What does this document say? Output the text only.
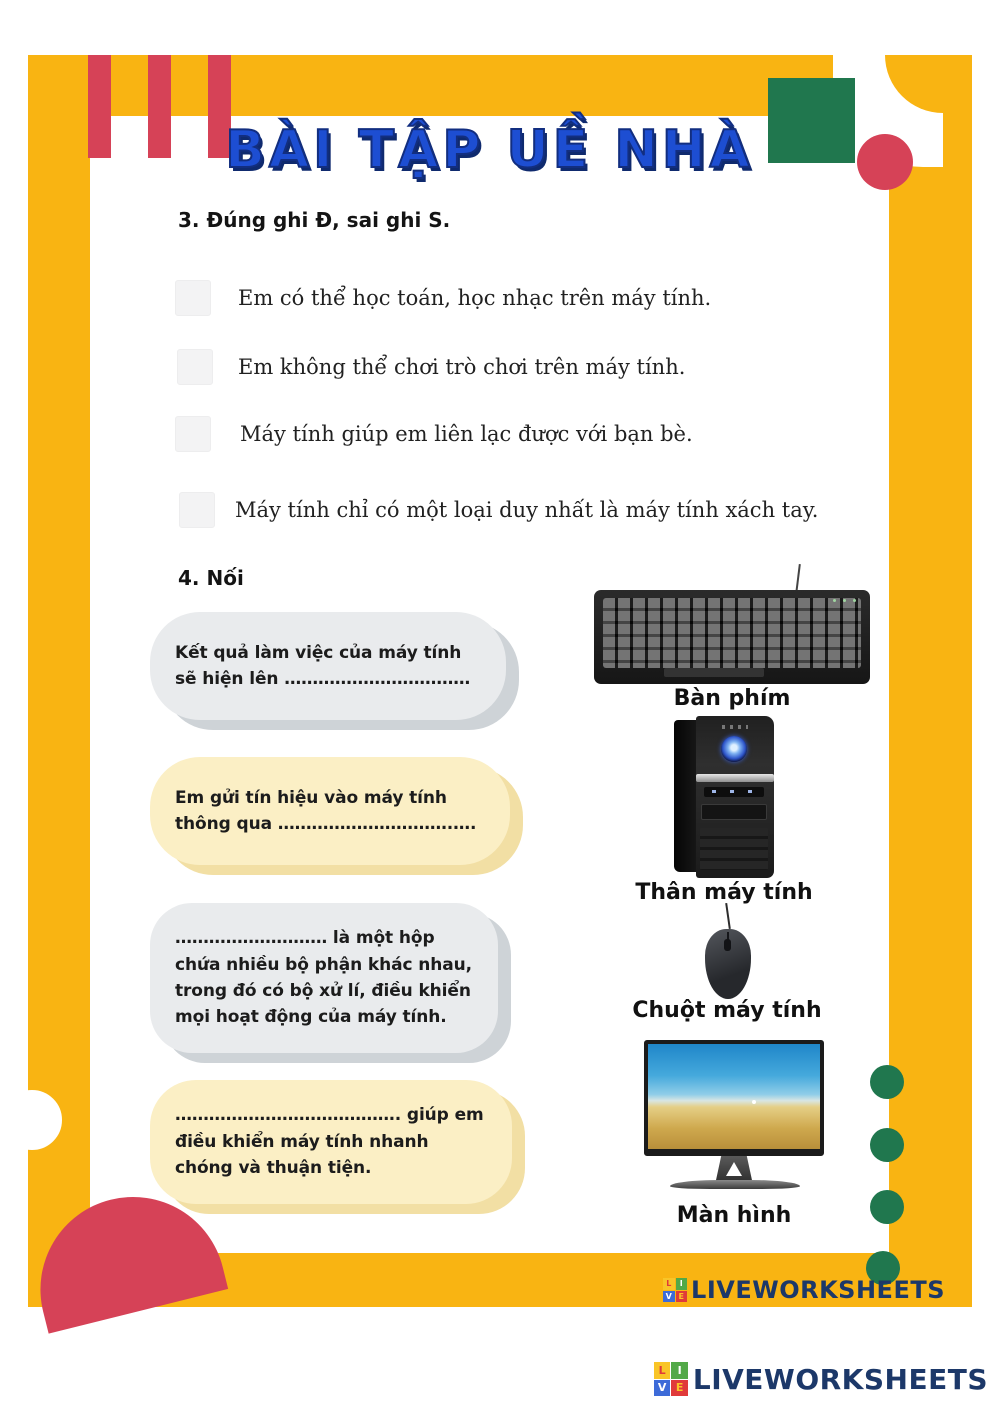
BÀI TẬP UỀ NHÀ
3. Đúng ghi Đ, sai ghi S.
Em có thể học toán, học nhạc trên máy tính.
Em không thể chơi trò chơi trên máy tính.
Máy tính giúp em liên lạc được với bạn bè.
Máy tính chỉ có một loại duy nhất là máy tính xách tay.
4. Nối
Kết quả làm việc của máy tính sẽ hiện lên ……………………………
Em gửi tín hiệu vào máy tính thông qua ………………………….….
……………………… là một hộp chứa nhiều bộ phận khác nhau, trong đó có bộ xử lí, điều khiển mọi hoạt động của máy tính.
…………………………………. giúp em điều khiển máy tính nhanh chóng và thuận tiện.
Bàn phím
Thân máy tính
Chuột máy tính
Màn hình
L	I
V E LIVEWORKSHEETS
L	I
V E LIVEWORKSHEETS
